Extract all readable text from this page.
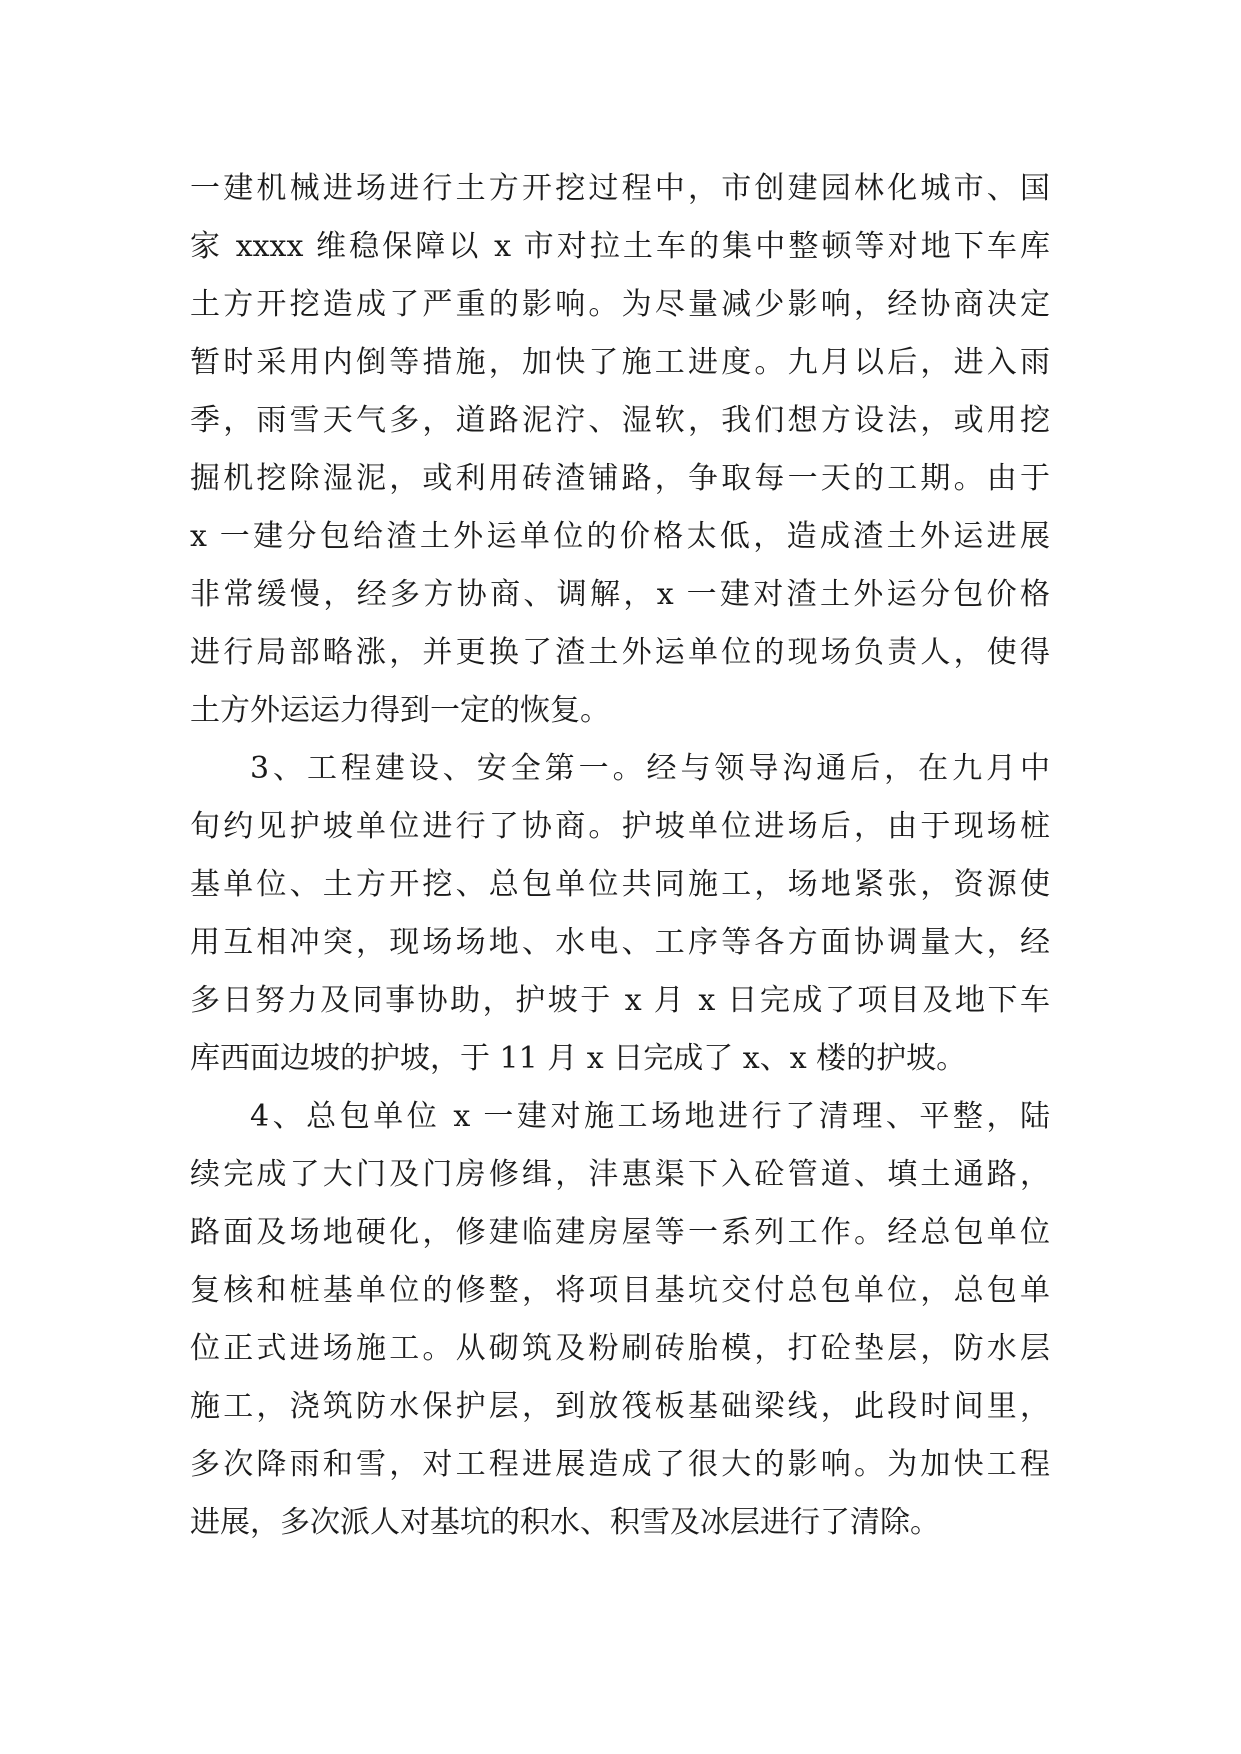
一建机械进场进行土方开挖过程中，市创建园林化城市、国
家 xxxx 维稳保障以 x 市对拉土车的集中整顿等对地下车库
土方开挖造成了严重的影响。为尽量减少影响，经协商决定
暂时采用内倒等措施，加快了施工进度。九月以后，进入雨
季，雨雪天气多，道路泥泞、湿软，我们想方设法，或用挖
掘机挖除湿泥，或利用砖渣铺路，争取每一天的工期。由于
x 一建分包给渣土外运单位的价格太低，造成渣土外运进展
非常缓慢，经多方协商、调解，x 一建对渣土外运分包价格
进行局部略涨，并更换了渣土外运单位的现场负责人，使得
土方外运运力得到一定的恢复。
3、工程建设、安全第一。经与领导沟通后，在九月中
旬约见护坡单位进行了协商。护坡单位进场后，由于现场桩
基单位、土方开挖、总包单位共同施工，场地紧张，资源使
用互相冲突，现场场地、水电、工序等各方面协调量大，经
多日努力及同事协助，护坡于 x 月 x 日完成了项目及地下车
库西面边坡的护坡，于 11 月 x 日完成了 x、x 楼的护坡。
4、总包单位 x 一建对施工场地进行了清理、平整，陆
续完成了大门及门房修缉，沣惠渠下入砼管道、填土通路，
路面及场地硬化，修建临建房屋等一系列工作。经总包单位
复核和桩基单位的修整，将项目基坑交付总包单位，总包单
位正式进场施工。从砌筑及粉刷砖胎模，打砼垫层，防水层
施工，浇筑防水保护层，到放筏板基础梁线，此段时间里，
多次降雨和雪，对工程进展造成了很大的影响。为加快工程
进展，多次派人对基坑的积水、积雪及冰层进行了清除。
